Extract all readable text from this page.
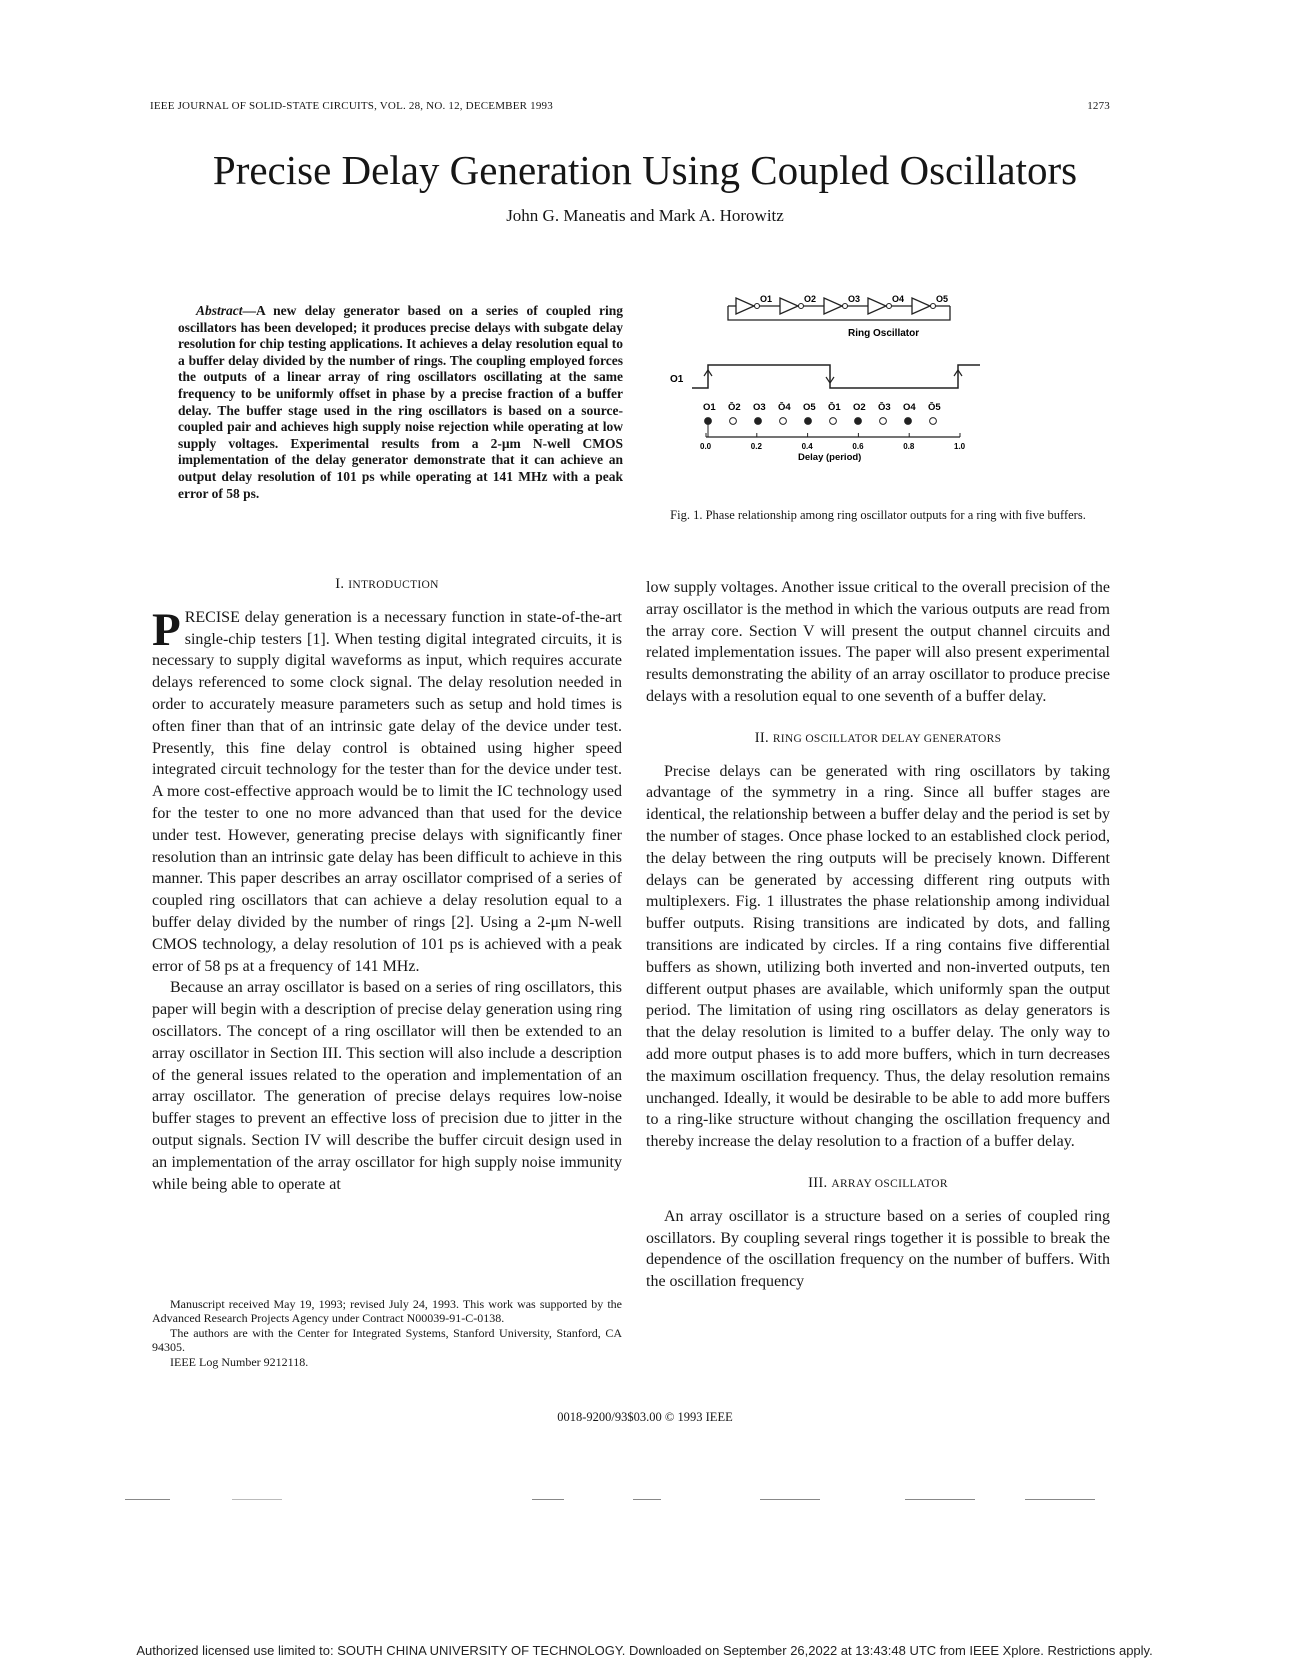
IEEE JOURNAL OF SOLID-STATE CIRCUITS, VOL. 28, NO. 12, DECEMBER 1993	1273
Precise Delay Generation Using Coupled Oscillators
John G. Maneatis and Mark A. Horowitz
Abstract—A new delay generator based on a series of coupled ring oscillators has been developed; it produces precise delays with subgate delay resolution for chip testing applications. It achieves a delay resolution equal to a buffer delay divided by the number of rings. The coupling employed forces the outputs of a linear array of ring oscillators oscillating at the same frequency to be uniformly offset in phase by a precise fraction of a buffer delay. The buffer stage used in the ring oscillators is based on a source-coupled pair and achieves high supply noise rejection while operating at low supply voltages. Experimental results from a 2-μm N-well CMOS implementation of the delay generator demonstrate that it can achieve an output delay resolution of 101 ps while operating at 141 MHz with a peak error of 58 ps.
O1	O2	O3	O4	O5
Ring Oscillator
O1
O1 Ō2 O3 Ō4 O5 Ō1 O2 Ō3 O4 Ō5
0.0	0.2	0.4	0.6	0.8	1.0
Delay (period)
Fig. 1. Phase relationship among ring oscillator outputs for a ring with five buffers.
I. INTRODUCTION

PRECISE delay generation is a necessary function in state-of-the-art single-chip testers [1]. When testing digital integrated circuits, it is necessary to supply digital waveforms as input, which requires accurate delays referenced to some clock signal. The delay resolution needed in order to accurately measure parameters such as setup and hold times is often finer than that of an intrinsic gate delay of the device under test. Presently, this fine delay control is obtained using higher speed integrated circuit technology for the tester than for the device under test. A more cost-effective approach would be to limit the IC technology used for the tester to one no more advanced than that used for the device under test. However, generating precise delays with significantly finer resolution than an intrinsic gate delay has been difficult to achieve in this manner. This paper describes an array oscillator comprised of a series of coupled ring oscillators that can achieve a delay resolution equal to a buffer delay divided by the number of rings [2]. Using a 2-μm N-well CMOS technology, a delay resolution of 101 ps is achieved with a peak error of 58 ps at a frequency of 141 MHz.

Because an array oscillator is based on a series of ring oscillators, this paper will begin with a description of precise delay generation using ring oscillators. The concept of a ring oscillator will then be extended to an array oscillator in Section III. This section will also include a description of the general issues related to the operation and implementation of an array oscillator. The generation of precise delays requires low-noise buffer stages to prevent an effective loss of precision due to jitter in the output signals. Section IV will describe the buffer circuit design used in an implementation of the array oscillator for high supply noise immunity while being able to operate at

Manuscript received May 19, 1993; revised July 24, 1993. This work was supported by the Advanced Research Projects Agency under Contract N00039-91-C-0138.

The authors are with the Center for Integrated Systems, Stanford University, Stanford, CA 94305.

IEEE Log Number 9212118.

low supply voltages. Another issue critical to the overall precision of the array oscillator is the method in which the various outputs are read from the array core. Section V will present the output channel circuits and related implementation issues. The paper will also present experimental results demonstrating the ability of an array oscillator to produce precise delays with a resolution equal to one seventh of a buffer delay.

II. RING OSCILLATOR DELAY GENERATORS

Precise delays can be generated with ring oscillators by taking advantage of the symmetry in a ring. Since all buffer stages are identical, the relationship between a buffer delay and the period is set by the number of stages. Once phase locked to an established clock period, the delay between the ring outputs will be precisely known. Different delays can be generated by accessing different ring outputs with multiplexers. Fig. 1 illustrates the phase relationship among individual buffer outputs. Rising transitions are indicated by dots, and falling transitions are indicated by circles. If a ring contains five differential buffers as shown, utilizing both inverted and non-inverted outputs, ten different output phases are available, which uniformly span the output period. The limitation of using ring oscillators as delay generators is that the delay resolution is limited to a buffer delay. The only way to add more output phases is to add more buffers, which in turn decreases the maximum oscillation frequency. Thus, the delay resolution remains unchanged. Ideally, it would be desirable to be able to add more buffers to a ring-like structure without changing the oscillation frequency and thereby increase the delay resolution to a fraction of a buffer delay.

III. ARRAY OSCILLATOR

An array oscillator is a structure based on a series of coupled ring oscillators. By coupling several rings together it is possible to break the dependence of the oscillation frequency on the number of buffers. With the oscillation frequency

0018-9200/93$03.00 © 1993 IEEE
Authorized licensed use limited to: SOUTH CHINA UNIVERSITY OF TECHNOLOGY. Downloaded on September 26,2022 at 13:43:48 UTC from IEEE Xplore. Restrictions apply.
